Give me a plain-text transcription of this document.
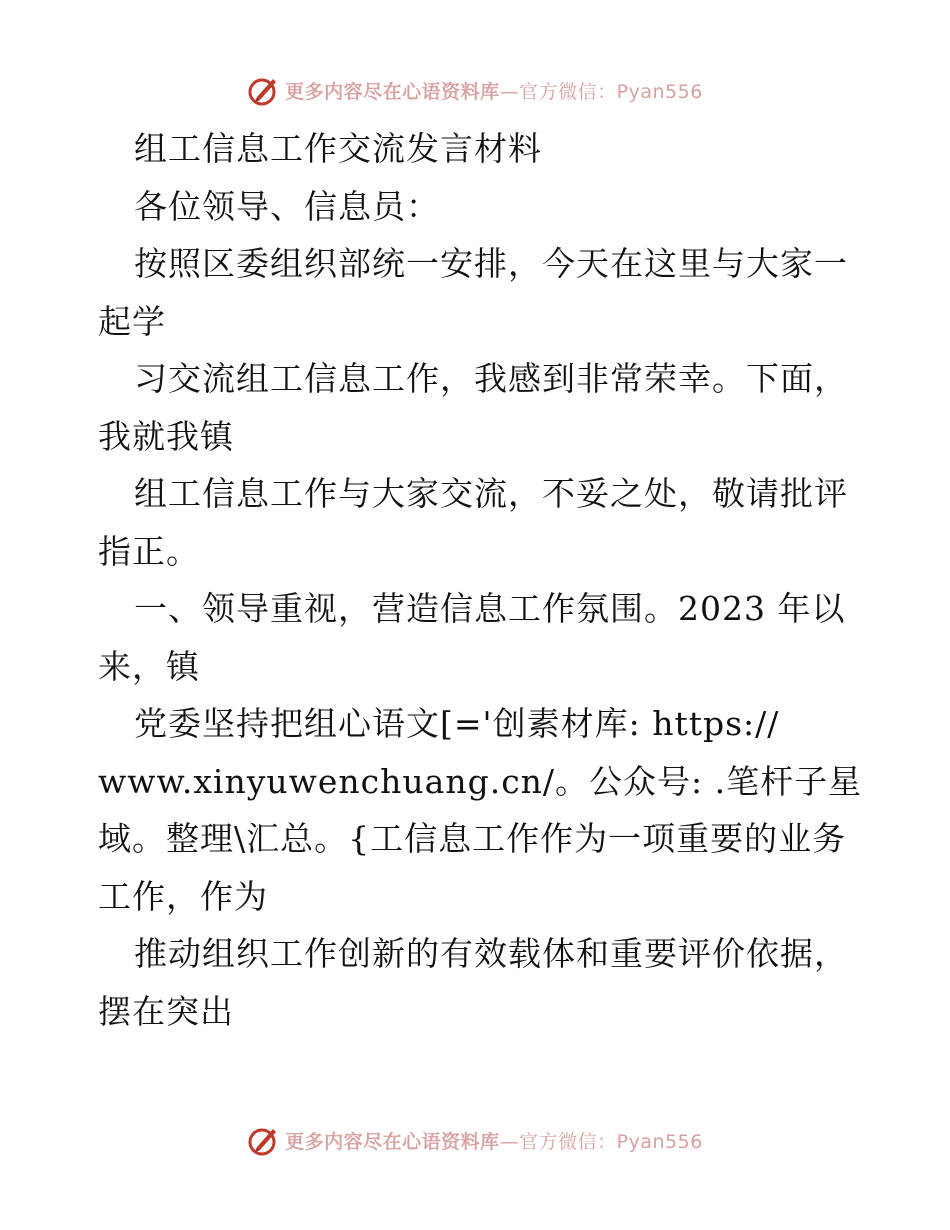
更多内容尽在心语资料库—官方微信：Pyan556
组工信息工作交流发言材料
各位领导、信息员：
按照区委组织部统一安排，今天在这里与大家一
起学
习交流组工信息工作，我感到非常荣幸。下面，
我就我镇
组工信息工作与大家交流，不妥之处，敬请批评
指正。
一、领导重视，营造信息工作氛围。2023 年以
来，镇
党委坚持把组心语文[='创素材库: https://
www.xinyuwenchuang.cn/。公众号: .笔杆子星
域。整理\汇总。{工信息工作作为一项重要的业务
工作，作为
推动组织工作创新的有效载体和重要评价依据，
摆在突出
更多内容尽在心语资料库—官方微信：Pyan556
